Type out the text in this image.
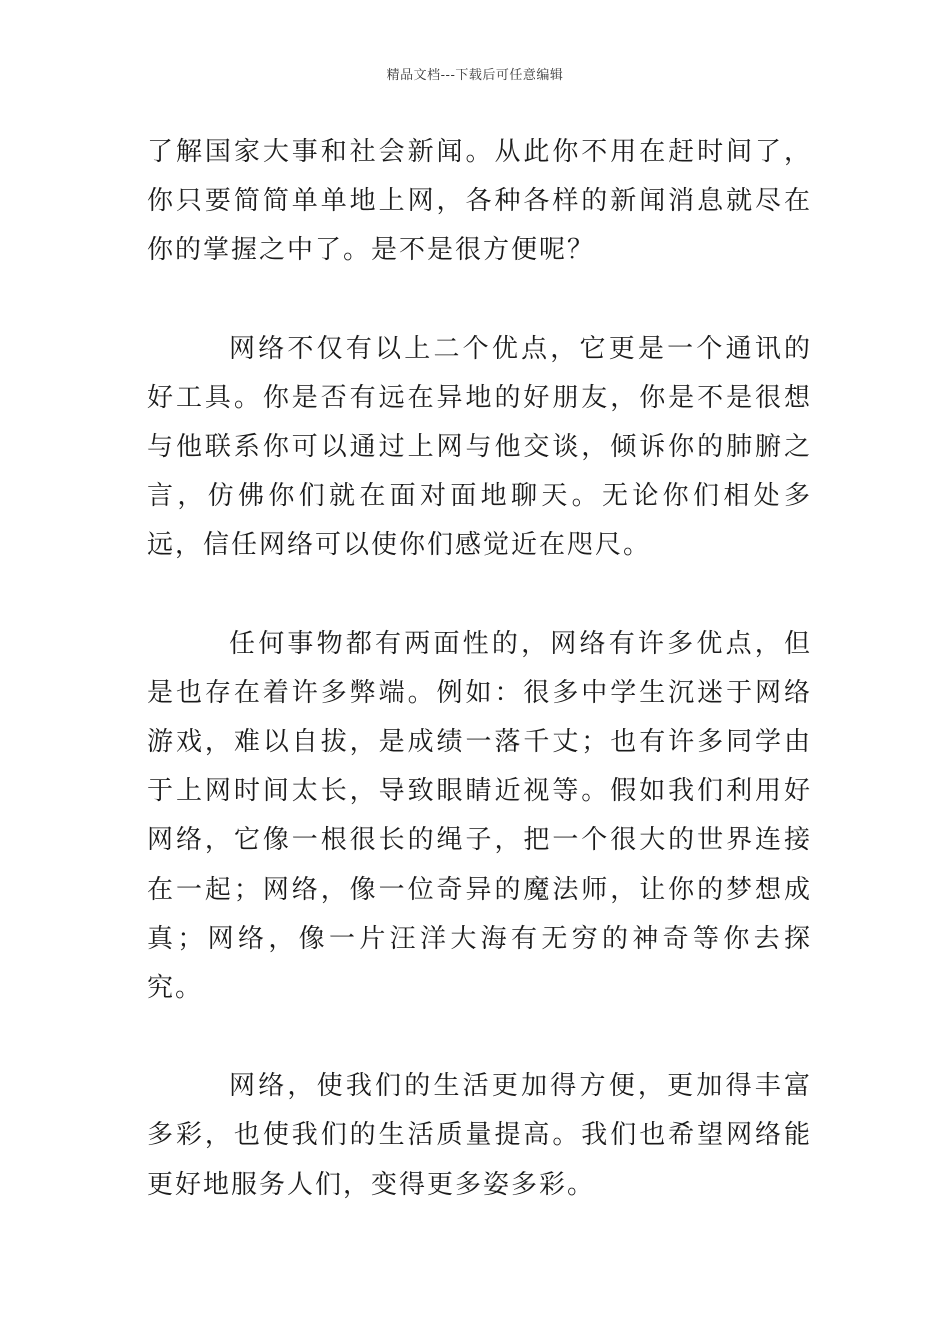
精品文档---下载后可任意编辑

了解国家大事和社会新闻。从此你不用在赶时间了，你只要简简单单地上网，各种各样的新闻消息就尽在你的掌握之中了。是不是很方便呢？

网络不仅有以上二个优点，它更是一个通讯的好工具。你是否有远在异地的好朋友，你是不是很想与他联系你可以通过上网与他交谈，倾诉你的肺腑之言，仿佛你们就在面对面地聊天。无论你们相处多远，信任网络可以使你们感觉近在咫尺。

任何事物都有两面性的，网络有许多优点，但是也存在着许多弊端。例如：很多中学生沉迷于网络游戏，难以自拔，是成绩一落千丈；也有许多同学由于上网时间太长，导致眼睛近视等。假如我们利用好网络，它像一根很长的绳子，把一个很大的世界连接在一起；网络，像一位奇异的魔法师，让你的梦想成真；网络，像一片汪洋大海有无穷的神奇等你去探究。

网络，使我们的生活更加得方便，更加得丰富多彩，也使我们的生活质量提高。我们也希望网络能更好地服务人们，变得更多姿多彩。
